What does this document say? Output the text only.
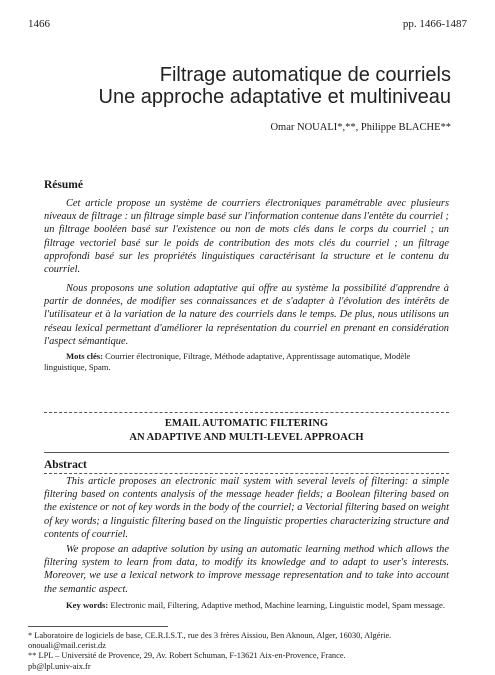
1466	pp. 1466-1487
Filtrage automatique de courriels
Une approche adaptative et multiniveau
Omar NOUALI*,**, Philippe BLACHE**
Résumé

Cet article propose un système de courriers électroniques paramétrable avec plusieurs niveaux de filtrage : un filtrage simple basé sur l'information contenue dans l'entête du courriel ; un filtrage booléen basé sur l'existence ou non de mots clés dans le corps du courriel ; un filtrage vectoriel basé sur le poids de contribution des mots clés du courriel ; un filtrage approfondi basé sur les propriétés linguistiques caractérisant la structure et le contenu du courriel.

Nous proposons une solution adaptative qui offre au système la possibilité d'apprendre à partir de données, de modifier ses connaissances et de s'adapter à l'évolution des intérêts de l'utilisateur et à la variation de la nature des courriels dans le temps. De plus, nous utilisons un réseau lexical permettant d'améliorer la représentation du courriel en prenant en considération l'aspect sémantique.

Mots clés: Courrier électronique, Filtrage, Méthode adaptative, Apprentissage automatique, Modèle linguistique, Spam.

EMAIL AUTOMATIC FILTERING
AN ADAPTIVE AND MULTI-LEVEL APPROACH
Abstract

This article proposes an electronic mail system with several levels of filtering: a simple filtering based on contents analysis of the message header fields; a Boolean filtering based on the existence or not of key words in the body of the courriel; a Vectorial filtering based on weight of key words; a linguistic filtering based on the linguistic properties characterizing structure and contents of courriel.

We propose an adaptive solution by using an automatic learning method which allows the filtering system to learn from data, to modify its knowledge and to adapt to user's interests. Moreover, we use a lexical network to improve message representation and to take into account the semantic aspect.

Key words: Electronic mail, Filtering, Adaptive method, Machine learning, Linguistic model, Spam message.

* Laboratoire de logiciels de base, CE.R.I.S.T., rue des 3 frères Aissiou, Ben Aknoun, Alger, 16030, Algérie.
onouali@mail.cerist.dz
** LPL – Université de Provence, 29, Av. Robert Schuman, F-13621 Aix-en-Provence, France.
pb@lpl.univ-aix.fr
